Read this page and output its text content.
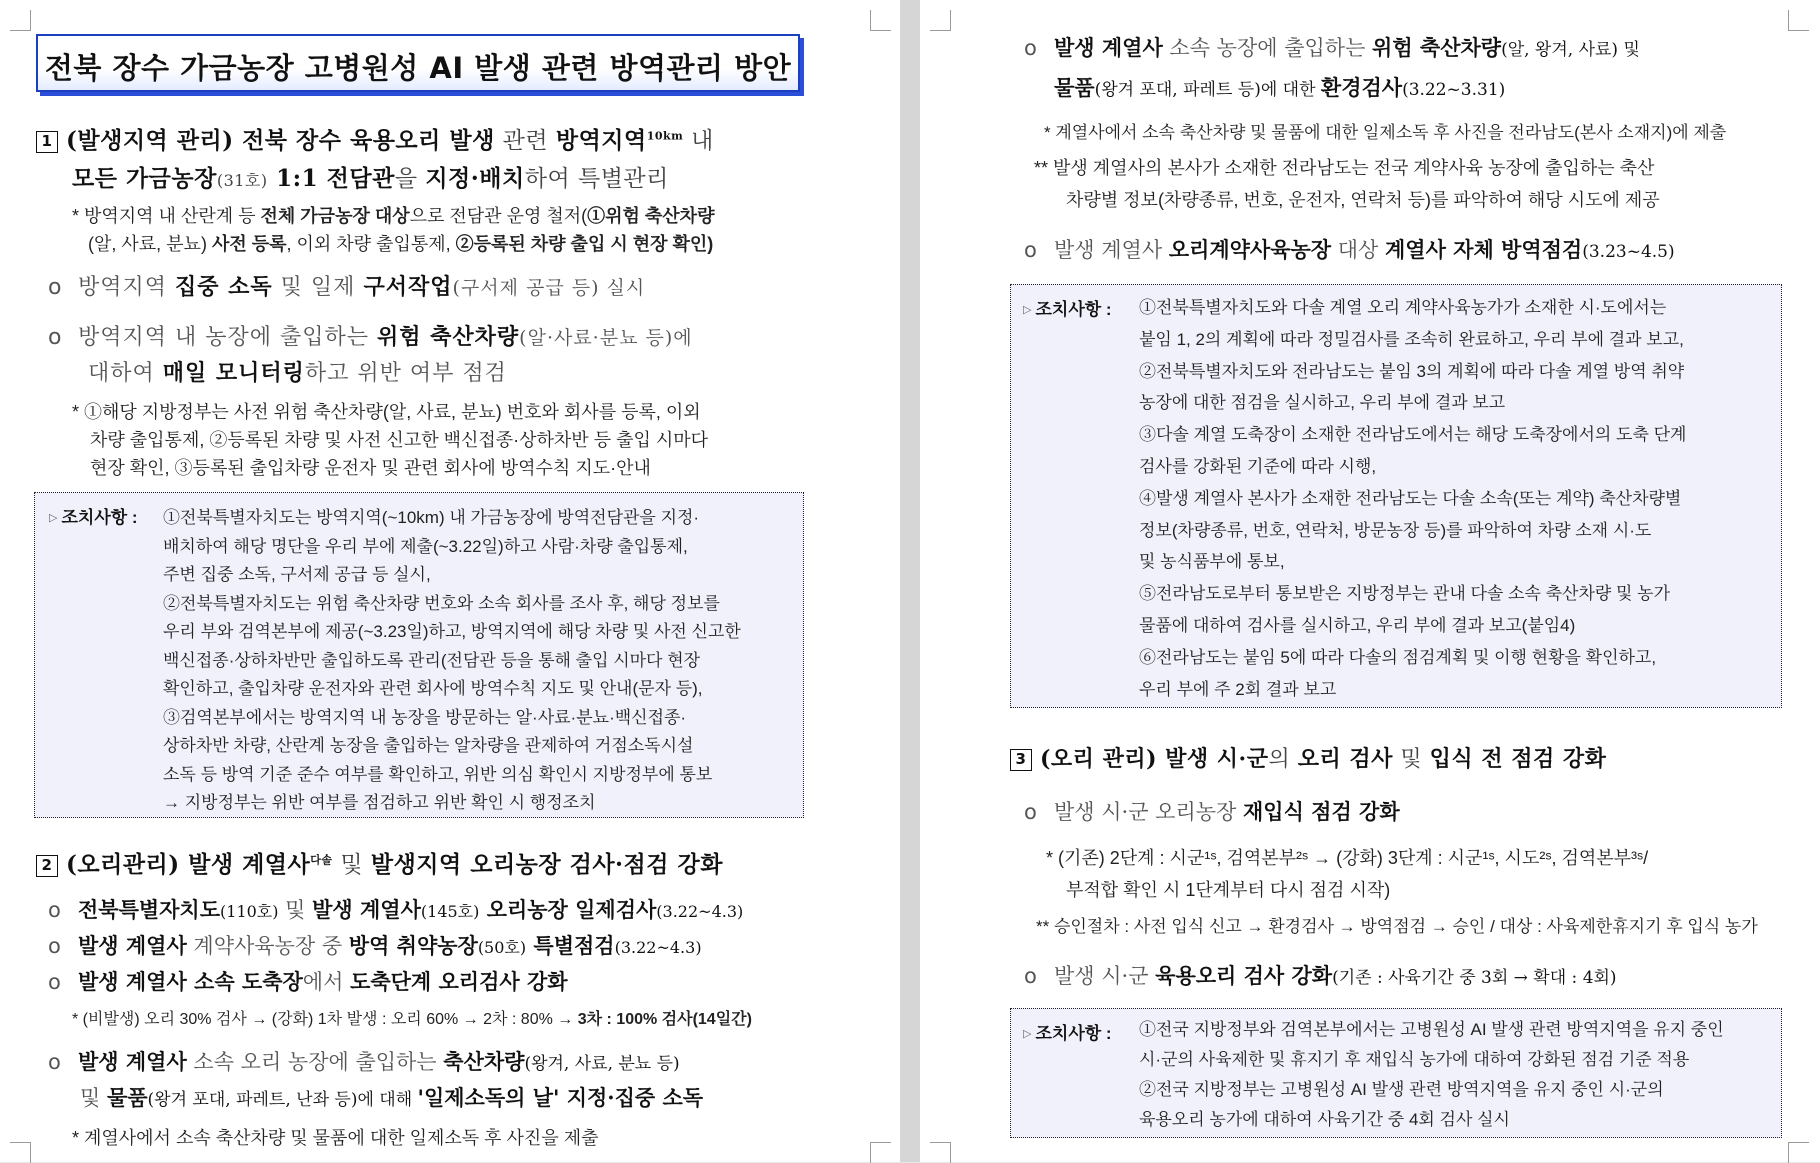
전북 장수 가금농장 고병원성 AI 발생 관련 방역관리 방안
1 (발생지역 관리) 전북 장수 육용오리 발생 관련 방역지역$^{10km}$ 내
모든 가금농장(31호) 1:1 전담관을 지정·배치하여 특별관리
* 방역지역 내 산란계 등 전체 가금농장 대상으로 전담관 운영 철저(①위험 축산차량
(알, 사료, 분뇨) 사전 등록, 이외 차량 출입통제, ②등록된 차량 출입 시 현장 확인)
o 방역지역 집중 소독 및 일제 구서작업(구서제 공급 등) 실시
o 방역지역 내 농장에 출입하는 위험 축산차량(알·사료·분뇨 등)에
대하여 매일 모니터링하고 위반 여부 점검
* ①해당 지방정부는 사전 위험 축산차량(알, 사료, 분뇨) 번호와 회사를 등록, 이외
차량 출입통제, ②등록된 차량 및 사전 신고한 백신접종·상하차반 등 출입 시마다
현장 확인, ③등록된 출입차량 운전자 및 관련 회사에 방역수칙 지도·안내
▷ 조치사항 : ①전북특별자치도는 방역지역(~10km) 내 가금농장에 방역전담관을 지정·
배치하여 해당 명단을 우리 부에 제출(~3.22일)하고 사람·차량 출입통제,
주변 집중 소독, 구서제 공급 등 실시,
②전북특별자치도는 위험 축산차량 번호와 소속 회사를 조사 후, 해당 정보를
우리 부와 검역본부에 제공(~3.23일)하고, 방역지역에 해당 차량 및 사전 신고한
백신접종·상하차반만 출입하도록 관리(전담관 등을 통해 출입 시마다 현장
확인하고, 출입차량 운전자와 관련 회사에 방역수칙 지도 및 안내(문자 등),
③검역본부에서는 방역지역 내 농장을 방문하는 알·사료·분뇨·백신접종·
상하차반 차량, 산란계 농장을 출입하는 알차량을 관제하여 거점소독시설
소독 등 방역 기준 준수 여부를 확인하고, 위반 의심 확인시 지방정부에 통보
→ 지방정부는 위반 여부를 점검하고 위반 확인 시 행정조치
2 (오리관리) 발생 계열사$^{다솔}$ 및 발생지역 오리농장 검사·점검 강화
o 전북특별자치도(110호) 및 발생 계열사(145호) 오리농장 일제검사(3.22~4.3)
o 발생 계열사 계약사육농장 중 방역 취약농장(50호) 특별점검(3.22~4.3)
o 발생 계열사 소속 도축장에서 도축단계 오리검사 강화
* (비발생) 오리 30% 검사 → (강화) 1차 발생 : 오리 60% → 2차 : 80% → 3차 : 100% 검사(14일간)
o 발생 계열사 소속 오리 농장에 출입하는 축산차량(왕겨, 사료, 분뇨 등)
및 물품(왕겨 포대, 파레트, 난좌 등)에 대해 '일제소독의 날' 지정·집중 소독
* 계열사에서 소속 축산차량 및 물품에 대한 일제소독 후 사진을 제출
o 발생 계열사 소속 농장에 출입하는 위험 축산차량(알, 왕겨, 사료) 및
물품(왕겨 포대, 파레트 등)에 대한 환경검사(3.22~3.31)
* 계열사에서 소속 축산차량 및 물품에 대한 일제소독 후 사진을 전라남도(본사 소재지)에 제출
** 발생 계열사의 본사가 소재한 전라남도는 전국 계약사육 농장에 출입하는 축산
차량별 정보(차량종류, 번호, 운전자, 연락처 등)를 파악하여 해당 시도에 제공
o 발생 계열사 오리계약사육농장 대상 계열사 자체 방역점검(3.23~4.5)
▷ 조치사항 : ①전북특별자치도와 다솔 계열 오리 계약사육농가가 소재한 시·도에서는
붙임 1, 2의 계획에 따라 정밀검사를 조속히 완료하고, 우리 부에 결과 보고,
②전북특별자치도와 전라남도는 붙임 3의 계획에 따라 다솔 계열 방역 취약
농장에 대한 점검을 실시하고, 우리 부에 결과 보고
③다솔 계열 도축장이 소재한 전라남도에서는 해당 도축장에서의 도축 단계
검사를 강화된 기준에 따라 시행,
④발생 계열사 본사가 소재한 전라남도는 다솔 소속(또는 계약) 축산차량별
정보(차량종류, 번호, 연락처, 방문농장 등)를 파악하여 차량 소재 시·도
및 농식품부에 통보,
⑤전라남도로부터 통보받은 지방정부는 관내 다솔 소속 축산차량 및 농가
물품에 대하여 검사를 실시하고, 우리 부에 결과 보고(붙임4)
⑥전라남도는 붙임 5에 따라 다솔의 점검계획 및 이행 현황을 확인하고,
우리 부에 주 2회 결과 보고
3 (오리 관리) 발생 시·군의 오리 검사 및 입식 전 점검 강화
o 발생 시·군 오리농장 재입식 점검 강화
* (기존) 2단계 : 시군¹ˢ, 검역본부²ˢ → (강화) 3단계 : 시군¹ˢ, 시도²ˢ, 검역본부³ˢ/
부적합 확인 시 1단계부터 다시 점검 시작)
** 승인절차 : 사전 입식 신고 → 환경검사 → 방역점검 → 승인 / 대상 : 사육제한휴지기 후 입식 농가
o 발생 시·군 육용오리 검사 강화(기존 : 사육기간 중 3회 → 확대 : 4회)
▷ 조치사항 : ①전국 지방정부와 검역본부에서는 고병원성 AI 발생 관련 방역지역을 유지 중인
시·군의 사육제한 및 휴지기 후 재입식 농가에 대하여 강화된 점검 기준 적용
②전국 지방정부는 고병원성 AI 발생 관련 방역지역을 유지 중인 시·군의
육용오리 농가에 대하여 사육기간 중 4회 검사 실시
